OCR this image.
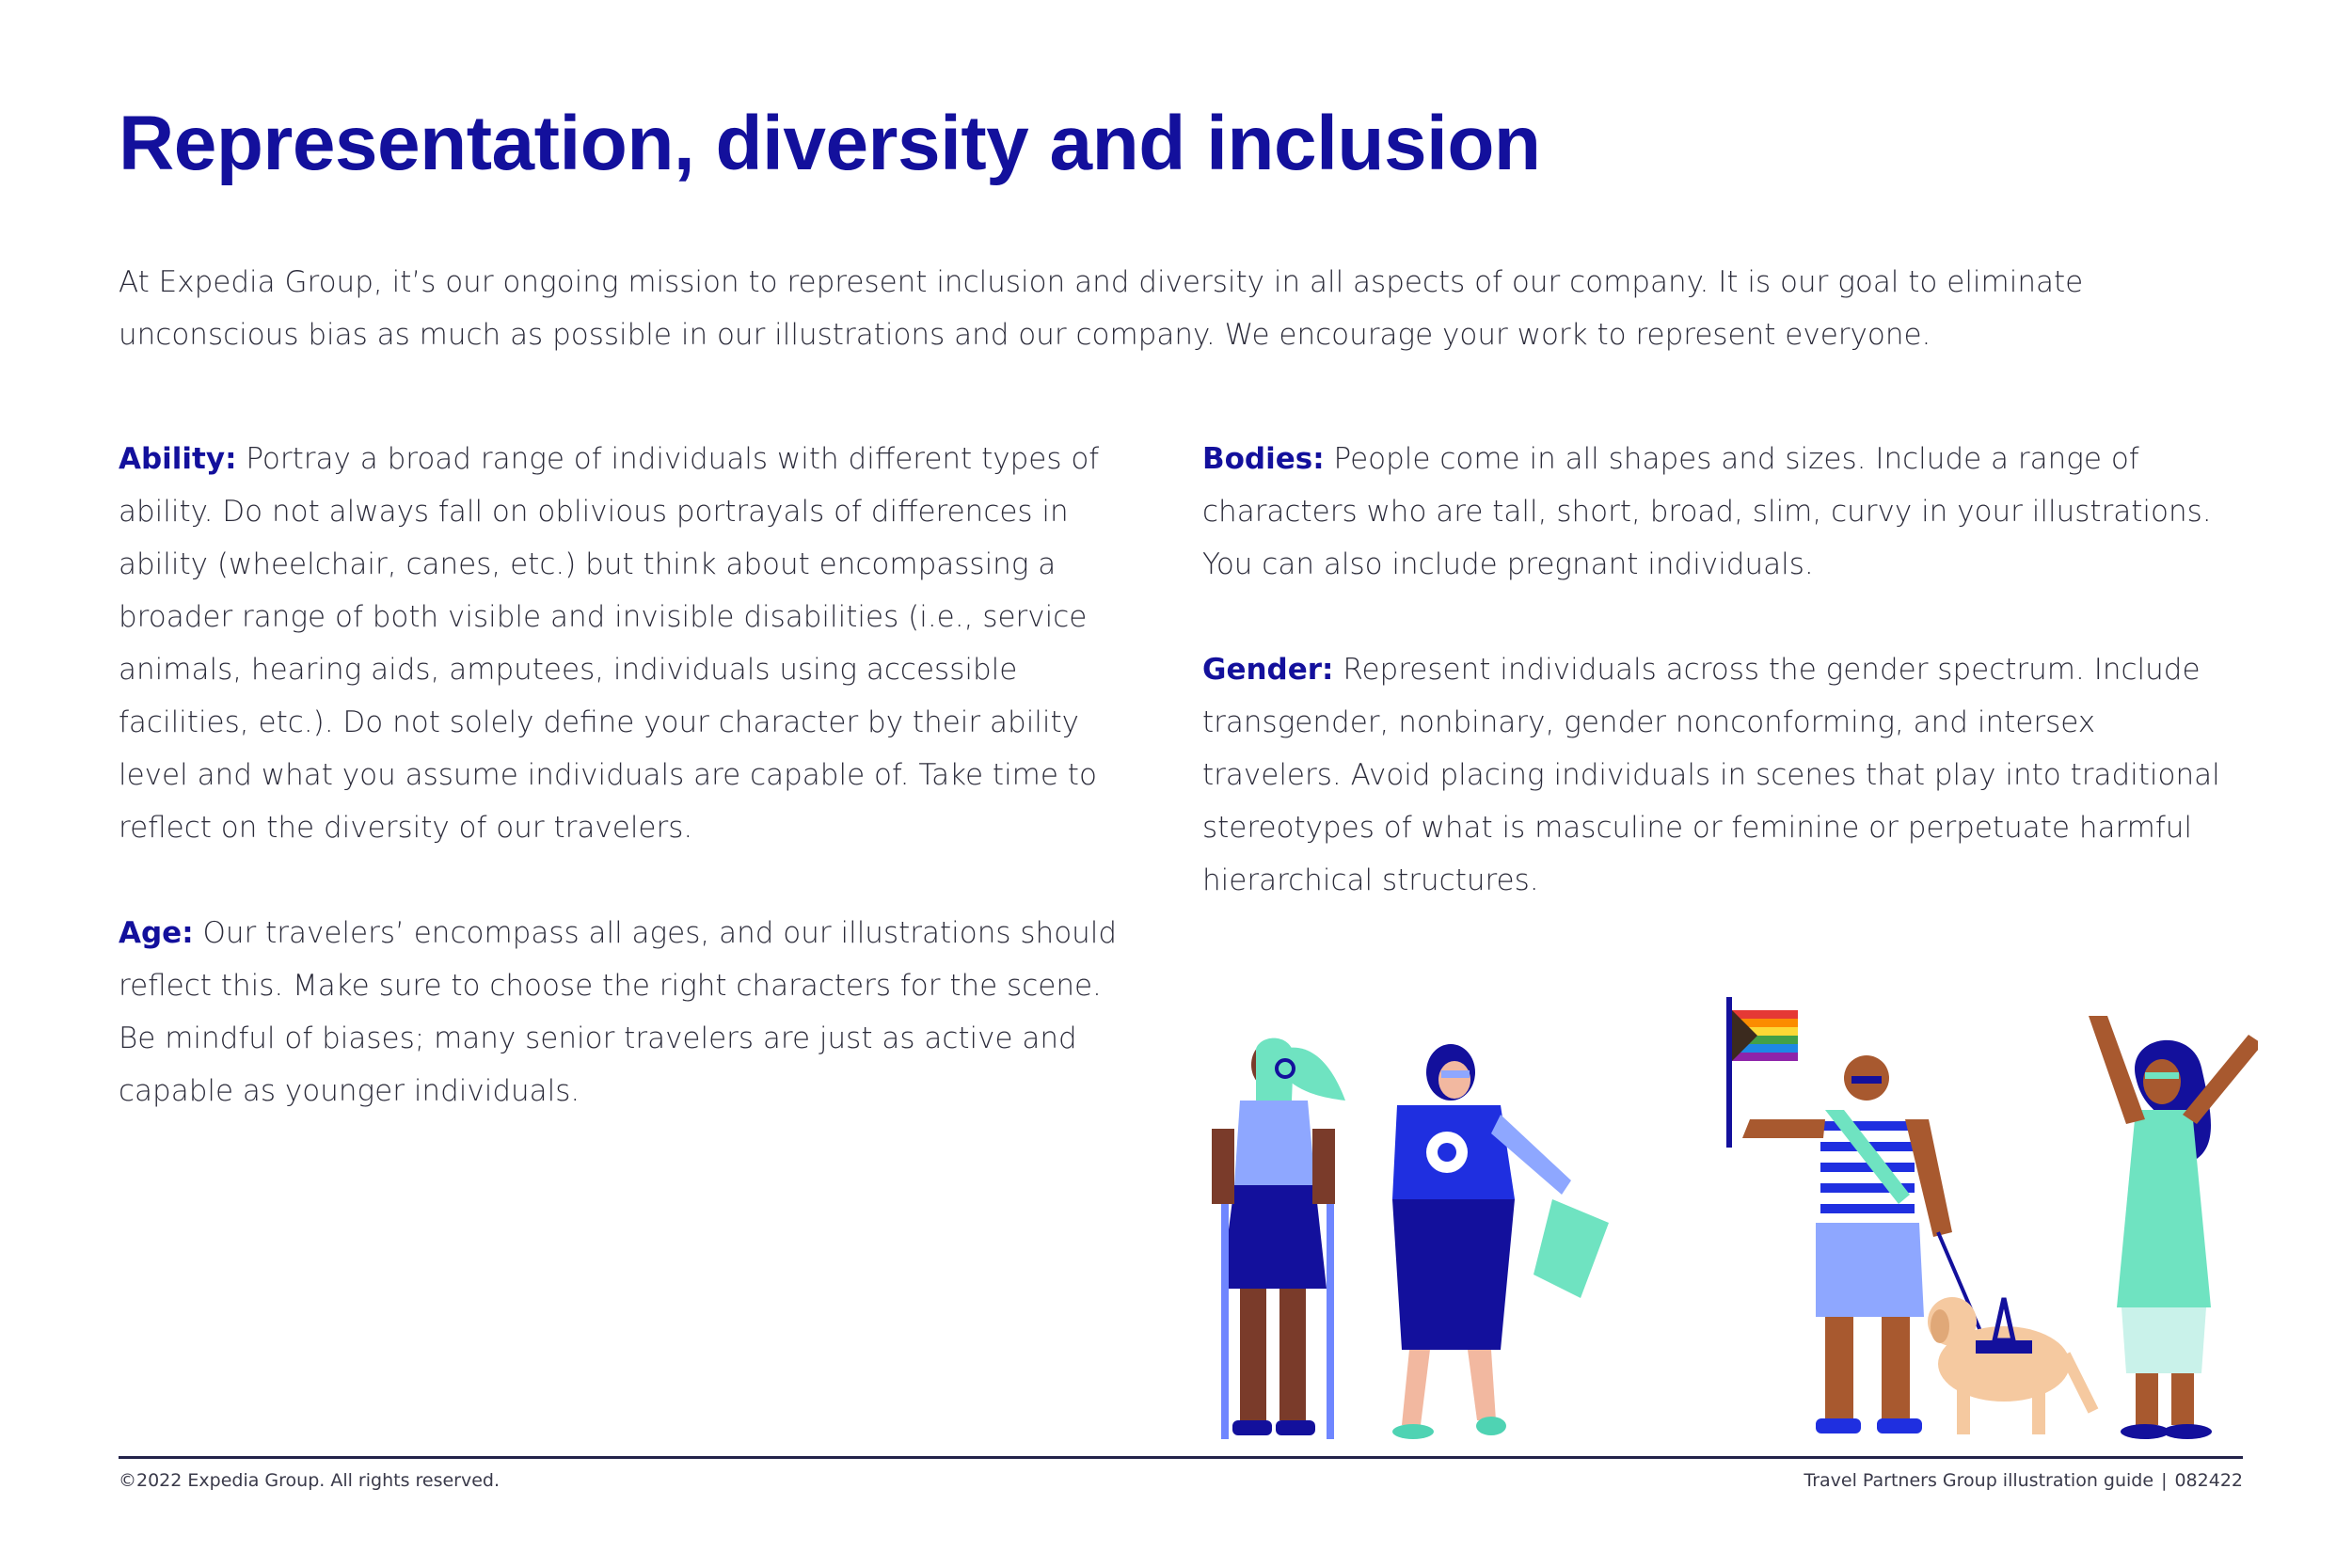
Representation, diversity and inclusion

At Expedia Group, it’s our ongoing mission to represent inclusion and diversity in all aspects of our company. It is our goal to eliminate unconscious bias as much as possible in our illustrations and our company. We encourage your work to represent everyone.

Ability: Portray a broad range of individuals with different types of ability. Do not always fall on oblivious portrayals of differences in ability (wheelchair, canes, etc.) but think about encompassing a broader range of both visible and invisible disabilities (i.e., service animals, hearing aids, amputees, individuals using accessible facilities, etc.). Do not solely define your character by their ability level and what you assume individuals are capable of. Take time to reflect on the diversity of our travelers.

Age: Our travelers’ encompass all ages, and our illustrations should reflect this. Make sure to choose the right characters for the scene. Be mindful of biases; many senior travelers are just as active and capable as younger individuals.

Bodies: People come in all shapes and sizes. Include a range of characters who are tall, short, broad, slim, curvy in your illustrations.
You can also include pregnant individuals.

Gender: Represent individuals across the gender spectrum. Include transgender, nonbinary, gender nonconforming, and intersex travelers. Avoid placing individuals in scenes that play into traditional stereotypes of what is masculine or feminine or perpetuate harmful hierarchical structures.

©2022 Expedia Group. All rights reserved.	Travel Partners Group illustration guide | 082422
